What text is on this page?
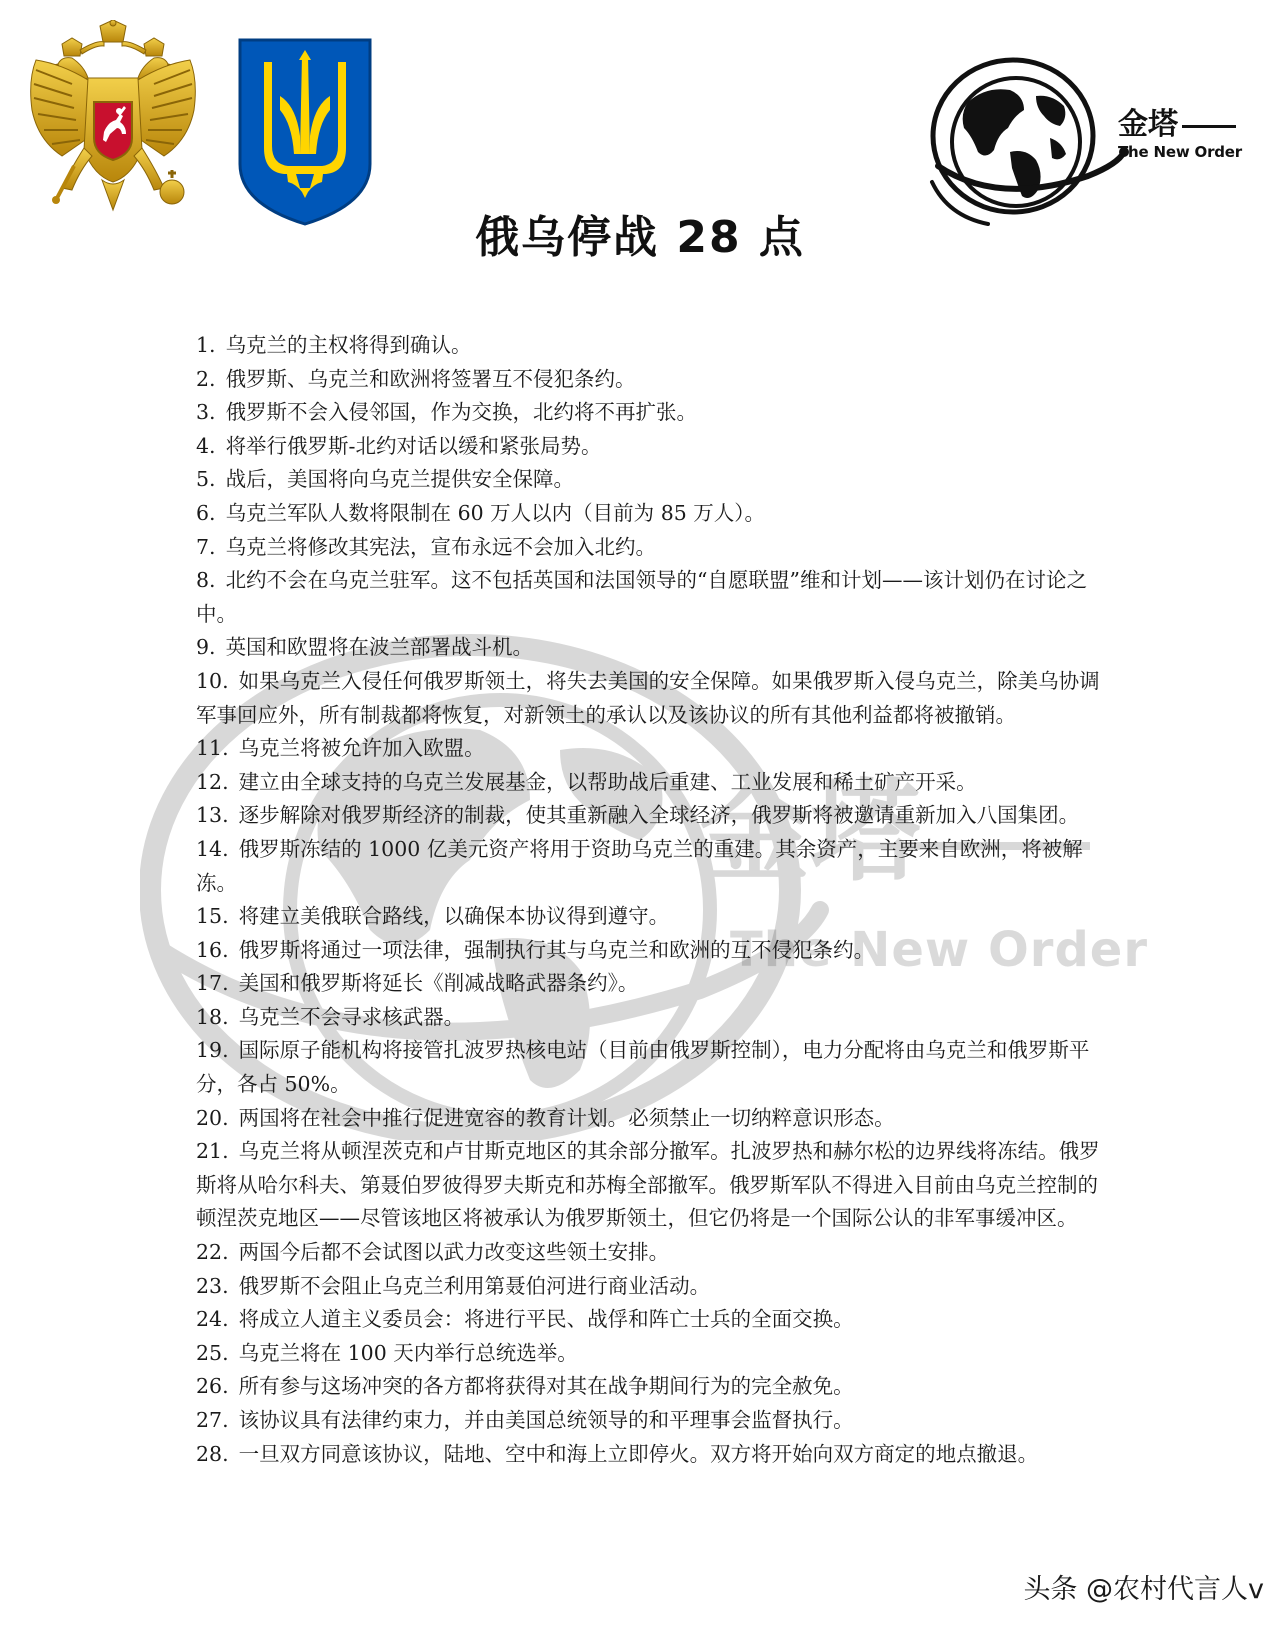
金塔
The New Order
俄乌停战 28 点
金塔
The New Order
1. 乌克兰的主权将得到确认。
2. 俄罗斯、乌克兰和欧洲将签署互不侵犯条约。
3. 俄罗斯不会入侵邻国，作为交换，北约将不再扩张。
4. 将举行俄罗斯-北约对话以缓和紧张局势。
5. 战后，美国将向乌克兰提供安全保障。
6. 乌克兰军队人数将限制在 60 万人以内（目前为 85 万人）。
7. 乌克兰将修改其宪法，宣布永远不会加入北约。
8. 北约不会在乌克兰驻军。这不包括英国和法国领导的“自愿联盟”维和计划——该计划仍在讨论之中。
9. 英国和欧盟将在波兰部署战斗机。
10. 如果乌克兰入侵任何俄罗斯领土，将失去美国的安全保障。如果俄罗斯入侵乌克兰，除美乌协调军事回应外，所有制裁都将恢复，对新领土的承认以及该协议的所有其他利益都将被撤销。
11. 乌克兰将被允许加入欧盟。
12. 建立由全球支持的乌克兰发展基金，以帮助战后重建、工业发展和稀土矿产开采。
13. 逐步解除对俄罗斯经济的制裁，使其重新融入全球经济，俄罗斯将被邀请重新加入八国集团。
14. 俄罗斯冻结的 1000 亿美元资产将用于资助乌克兰的重建。其余资产，主要来自欧洲，将被解冻。
15. 将建立美俄联合路线，以确保本协议得到遵守。
16. 俄罗斯将通过一项法律，强制执行其与乌克兰和欧洲的互不侵犯条约。
17. 美国和俄罗斯将延长《削减战略武器条约》。
18. 乌克兰不会寻求核武器。
19. 国际原子能机构将接管扎波罗热核电站（目前由俄罗斯控制），电力分配将由乌克兰和俄罗斯平分，各占 50%。
20. 两国将在社会中推行促进宽容的教育计划。必须禁止一切纳粹意识形态。
21. 乌克兰将从顿涅茨克和卢甘斯克地区的其余部分撤军。扎波罗热和赫尔松的边界线将冻结。俄罗斯将从哈尔科夫、第聂伯罗彼得罗夫斯克和苏梅全部撤军。俄罗斯军队不得进入目前由乌克兰控制的顿涅茨克地区——尽管该地区将被承认为俄罗斯领土，但它仍将是一个国际公认的非军事缓冲区。
22. 两国今后都不会试图以武力改变这些领土安排。
23. 俄罗斯不会阻止乌克兰利用第聂伯河进行商业活动。
24. 将成立人道主义委员会：将进行平民、战俘和阵亡士兵的全面交换。
25. 乌克兰将在 100 天内举行总统选举。
26. 所有参与这场冲突的各方都将获得对其在战争期间行为的完全赦免。
27. 该协议具有法律约束力，并由美国总统领导的和平理事会监督执行。
28. 一旦双方同意该协议，陆地、空中和海上立即停火。双方将开始向双方商定的地点撤退。
头条 @农村代言人v
